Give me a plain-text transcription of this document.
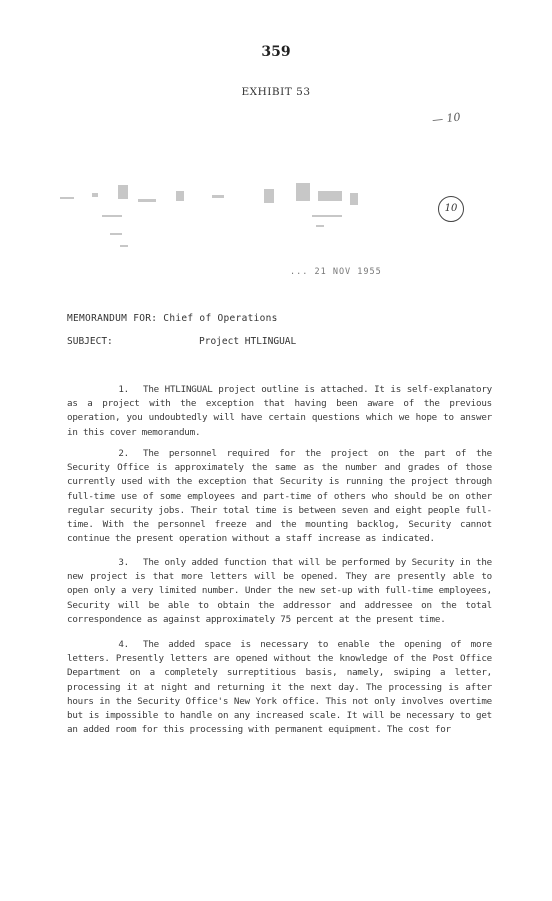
359
EXHIBIT 53
— 10
10
... 21 NOV 1955
MEMORANDUM FOR: Chief of Operations
SUBJECT:	Project HTLINGUAL
1. The HTLINGUAL project outline is attached. It is self-explanatory as a project with the exception that having been aware of the previous operation, you undoubtedly will have certain questions which we hope to answer in this cover memorandum.
2. The personnel required for the project on the part of the Security Office is approximately the same as the number and grades of those currently used with the exception that Security is running the project through full-time use of some employees and part-time of others who should be on other regular security jobs. Their total time is between seven and eight people full-time. With the personnel freeze and the mounting backlog, Security cannot continue the present operation without a staff increase as indicated.
3. The only added function that will be performed by Security in the new project is that more letters will be opened. They are presently able to open only a very limited number. Under the new set-up with full-time employees, Security will be able to obtain the addressor and addressee on the total correspondence as against approximately 75 percent at the present time.
4. The added space is necessary to enable the opening of more letters. Presently letters are opened without the knowledge of the Post Office Department on a completely surreptitious basis, namely, swiping a letter, processing it at night and returning it the next day. The processing is after hours in the Security Office's New York office. This not only involves overtime but is impossible to handle on any increased scale. It will be necessary to get an added room for this processing with permanent equipment. The cost for
